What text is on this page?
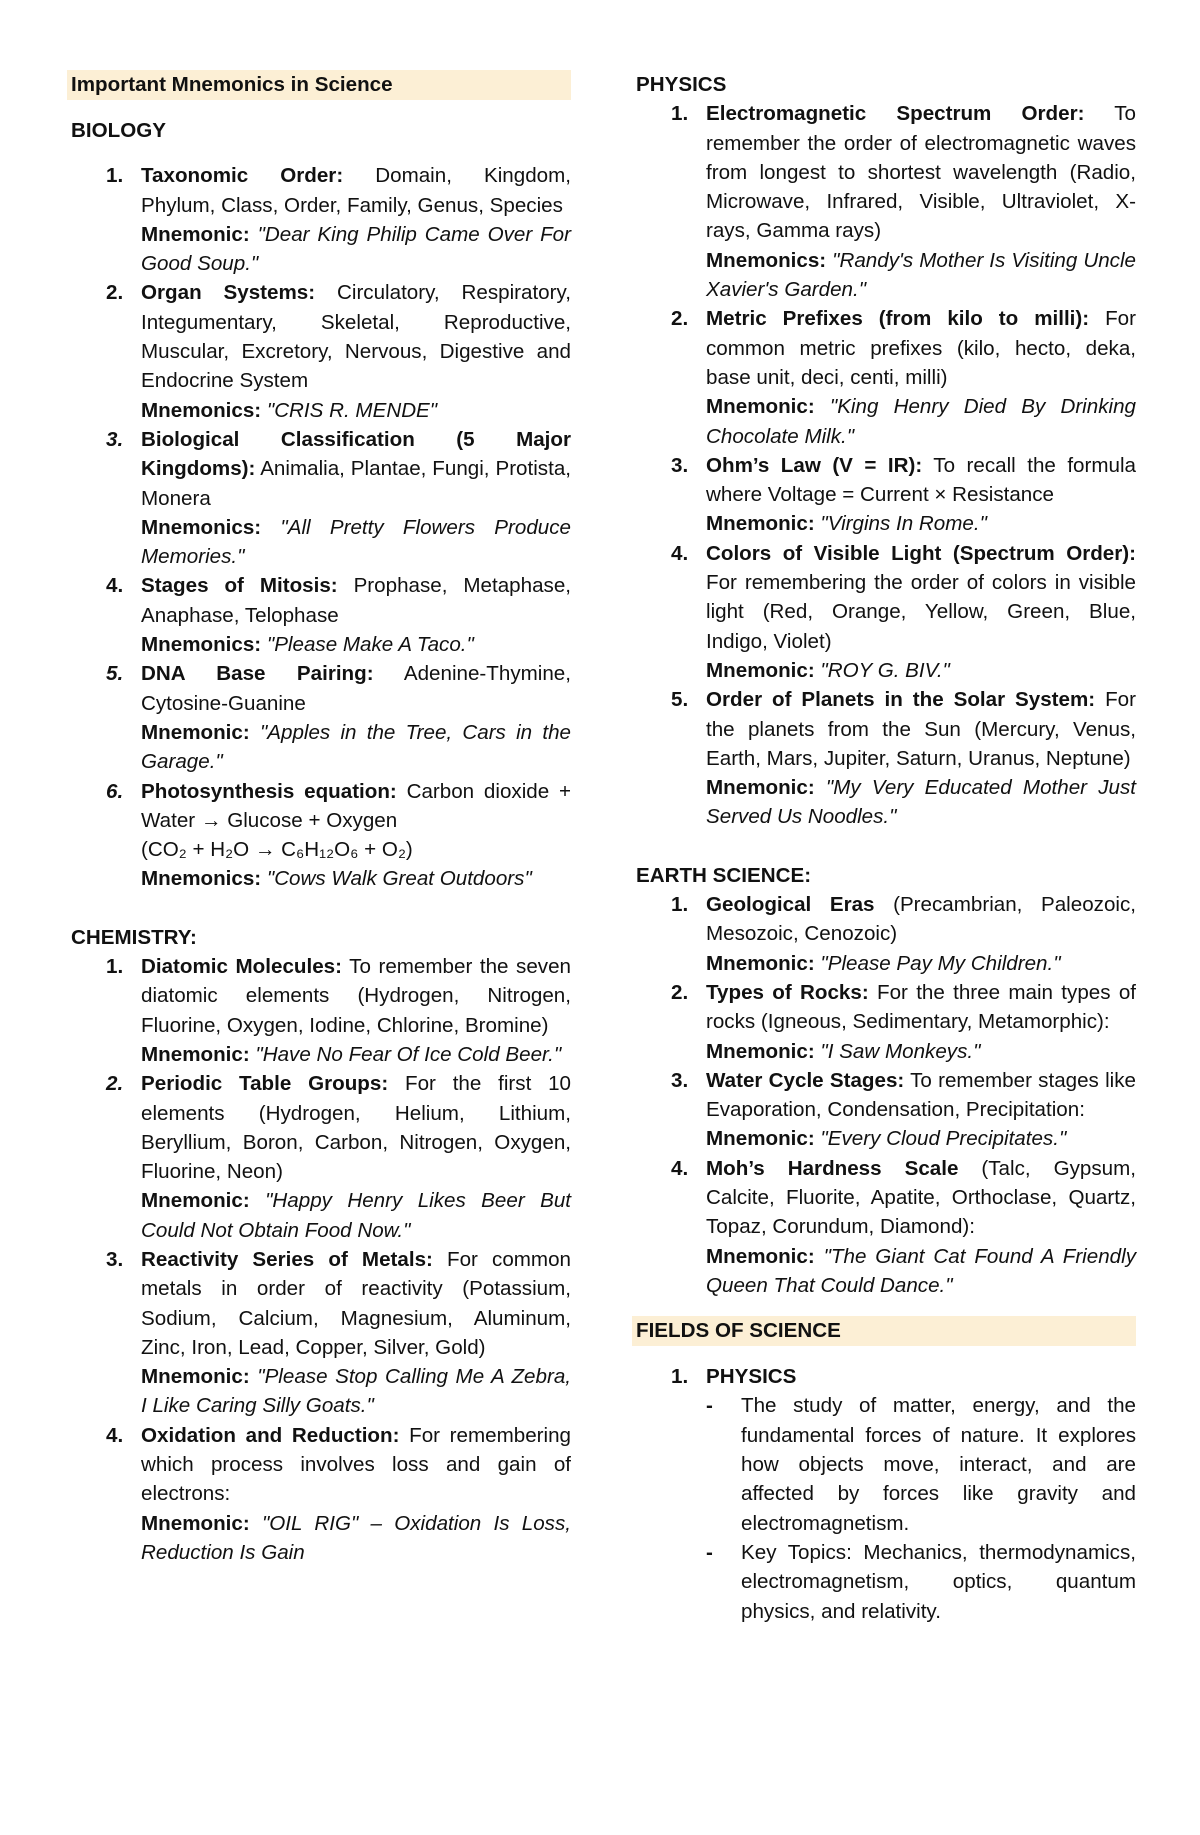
Important Mnemonics in Science
BIOLOGY
1. Taxonomic Order: Domain, Kingdom, Phylum, Class, Order, Family, Genus, Species
Mnemonic: "Dear King Philip Came Over For Good Soup."
2. Organ Systems: Circulatory, Respiratory, Integumentary, Skeletal, Reproductive, Muscular, Excretory, Nervous, Digestive and Endocrine System
Mnemonics: "CRIS R. MENDE"
3. Biological Classification (5 Major Kingdoms): Animalia, Plantae, Fungi, Protista, Monera
Mnemonics: "All Pretty Flowers Produce Memories."
4. Stages of Mitosis: Prophase, Metaphase, Anaphase, Telophase
Mnemonics: "Please Make A Taco."
5. DNA Base Pairing: Adenine-Thymine, Cytosine-Guanine
Mnemonic: "Apples in the Tree, Cars in the Garage."
6. Photosynthesis equation: Carbon dioxide + Water → Glucose + Oxygen
(CO₂ + H₂O → C₆H₁₂O₆ + O₂)
Mnemonics: "Cows Walk Great Outdoors"
CHEMISTRY:
1. Diatomic Molecules: To remember the seven diatomic elements (Hydrogen, Nitrogen, Fluorine, Oxygen, Iodine, Chlorine, Bromine)
Mnemonic: "Have No Fear Of Ice Cold Beer."
2. Periodic Table Groups: For the first 10 elements (Hydrogen, Helium, Lithium, Beryllium, Boron, Carbon, Nitrogen, Oxygen, Fluorine, Neon)
Mnemonic: "Happy Henry Likes Beer But Could Not Obtain Food Now."
3. Reactivity Series of Metals: For common metals in order of reactivity (Potassium, Sodium, Calcium, Magnesium, Aluminum, Zinc, Iron, Lead, Copper, Silver, Gold)
Mnemonic: "Please Stop Calling Me A Zebra, I Like Caring Silly Goats."
4. Oxidation and Reduction: For remembering which process involves loss and gain of electrons:
Mnemonic: "OIL RIG" – Oxidation Is Loss, Reduction Is Gain
PHYSICS
1. Electromagnetic Spectrum Order: To remember the order of electromagnetic waves from longest to shortest wavelength (Radio, Microwave, Infrared, Visible, Ultraviolet, X-rays, Gamma rays)
Mnemonics: "Randy's Mother Is Visiting Uncle Xavier's Garden."
2. Metric Prefixes (from kilo to milli): For common metric prefixes (kilo, hecto, deka, base unit, deci, centi, milli)
Mnemonic: "King Henry Died By Drinking Chocolate Milk."
3. Ohm’s Law (V = IR): To recall the formula where Voltage = Current × Resistance
Mnemonic: "Virgins In Rome."
4. Colors of Visible Light (Spectrum Order): For remembering the order of colors in visible light (Red, Orange, Yellow, Green, Blue, Indigo, Violet)
Mnemonic: "ROY G. BIV."
5. Order of Planets in the Solar System: For the planets from the Sun (Mercury, Venus, Earth, Mars, Jupiter, Saturn, Uranus, Neptune)
Mnemonic: "My Very Educated Mother Just Served Us Noodles."
EARTH SCIENCE:
1. Geological Eras (Precambrian, Paleozoic, Mesozoic, Cenozoic)
Mnemonic: "Please Pay My Children."
2. Types of Rocks: For the three main types of rocks (Igneous, Sedimentary, Metamorphic):
Mnemonic: "I Saw Monkeys."
3. Water Cycle Stages: To remember stages like Evaporation, Condensation, Precipitation:
Mnemonic: "Every Cloud Precipitates."
4. Moh’s Hardness Scale (Talc, Gypsum, Calcite, Fluorite, Apatite, Orthoclase, Quartz, Topaz, Corundum, Diamond):
Mnemonic: "The Giant Cat Found A Friendly Queen That Could Dance."
FIELDS OF SCIENCE
1. PHYSICS
- The study of matter, energy, and the fundamental forces of nature. It explores how objects move, interact, and are affected by forces like gravity and electromagnetism.
- Key Topics: Mechanics, thermodynamics, electromagnetism, optics, quantum physics, and relativity.
